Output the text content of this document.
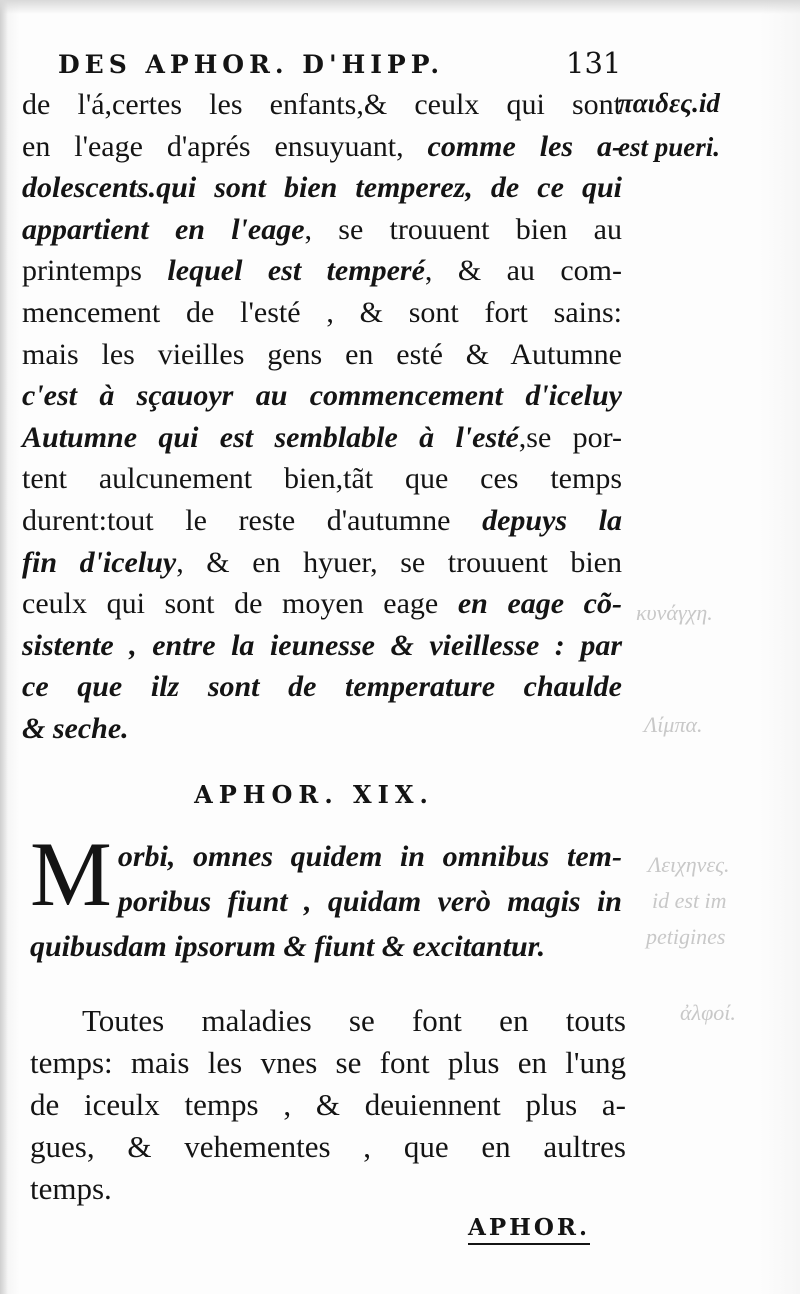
DES APHOR. D'HIPP.	131
de l'á,certes les enfants,& ceulx qui sont
en l'eage d'aprés ensuyuant, comme les a-
dolescents.qui sont bien temperez, de ce qui
appartient en l'eage, se trouuent bien au
printemps lequel est temperé, & au com-
mencement de l'esté , & sont fort sains:
mais les vieilles gens en esté & Autumne
c'est à sçauoyr au commencement d'iceluy
Autumne qui est semblable à l'esté,se por-
tent aulcunement bien,tãt que ces temps
durent:tout le reste d'autumne depuys la
fin d'iceluy, & en hyuer, se trouuent bien
ceulx qui sont de moyen eage en eage cõ-
sistente , entre la ieunesse & vieillesse : par
ce que ilz sont de temperature chaulde
& seche.
παιδες.id
est pueri.
κυνάγχη.
Λίμπα.
Λειχηνες.
id est im
petigines
ἀλφοί.
APHOR. XIX.
M orbi, omnes quidem in omnibus tem-
poribus fiunt , quidam verò magis in
quibusdam ipsorum & fiunt & excitantur.
Toutes maladies se font en touts
temps: mais les vnes se font plus en l'ung
de iceulx temps , & deuiennent plus a-
gues, & vehementes , que en aultres
temps.
APHOR.
